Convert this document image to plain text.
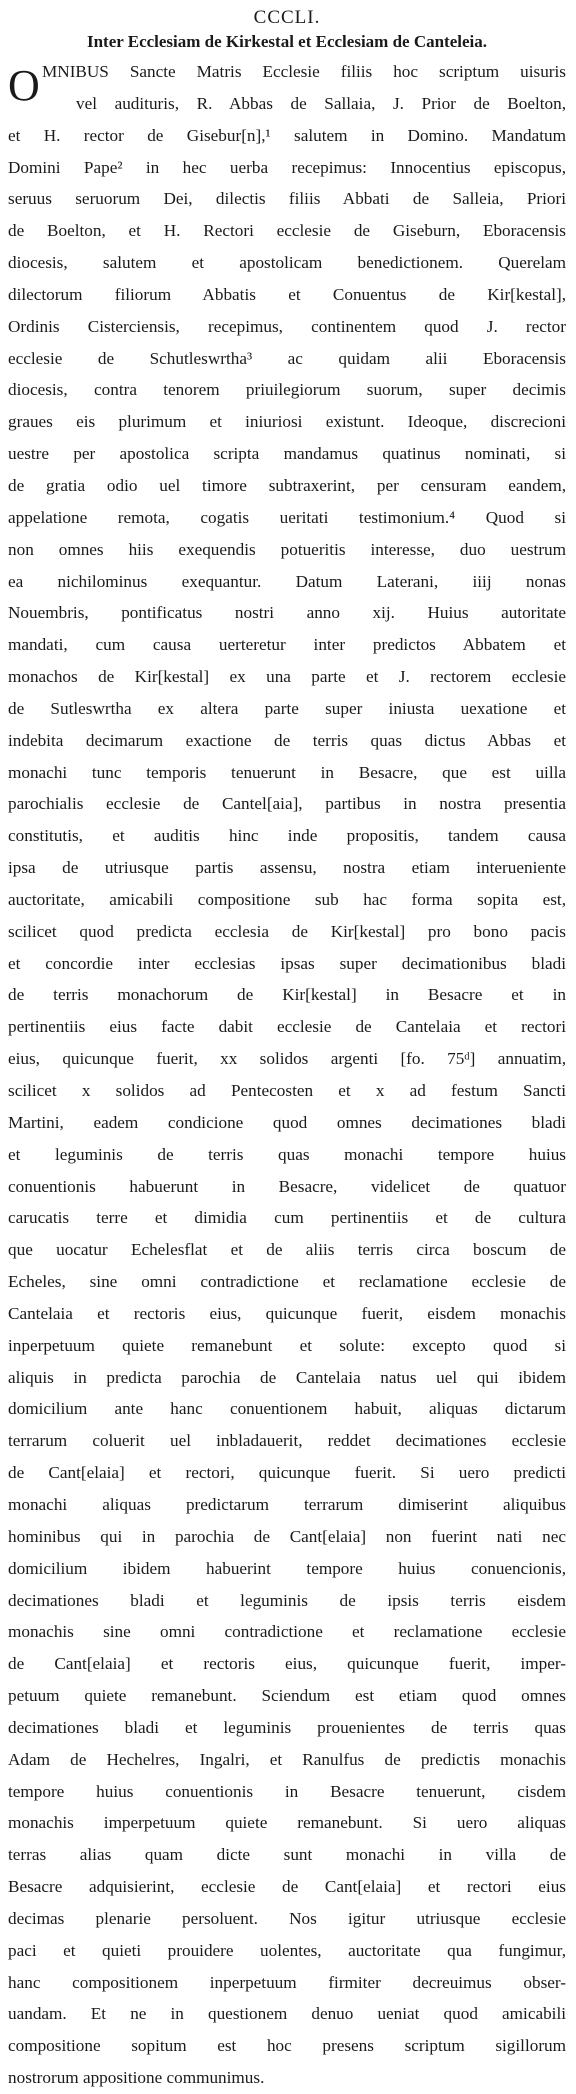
CCCLI.
Inter Ecclesiam de Kirkestal et Ecclesiam de Canteleia.
O MNIBUS Sancte Matris Ecclesie filiis hoc scriptum uisuris
vel audituris, R. Abbas de Sallaia, J. Prior de Boelton,
et H. rector de Gisebur[n],¹ salutem in Domino. Mandatum
Domini Pape² in hec uerba recepimus: Innocentius episcopus,
seruus seruorum Dei, dilectis filiis Abbati de Salleia, Priori
de Boelton, et H. Rectori ecclesie de Giseburn, Eboracensis
diocesis, salutem et apostolicam benedictionem. Querelam
dilectorum filiorum Abbatis et Conuentus de Kir[kestal],
Ordinis Cisterciensis, recepimus, continentem quod J. rector
ecclesie de Schutleswrtha³ ac quidam alii Eboracensis
diocesis, contra tenorem priuilegiorum suorum, super decimis
graues eis plurimum et iniuriosi existunt. Ideoque, discrecioni
uestre per apostolica scripta mandamus quatinus nominati, si
de gratia odio uel timore subtraxerint, per censuram eandem,
appelatione remota, cogatis ueritati testimonium.⁴ Quod si
non omnes hiis exequendis potueritis interesse, duo uestrum
ea nichilominus exequantur. Datum Laterani, iiij nonas
Nouembris, pontificatus nostri anno xij. Huius autoritate
mandati, cum causa uerteretur inter predictos Abbatem et
monachos de Kir[kestal] ex una parte et J. rectorem ecclesie
de Sutleswrtha ex altera parte super iniusta uexatione et
indebita decimarum exactione de terris quas dictus Abbas et
monachi tunc temporis tenuerunt in Besacre, que est uilla
parochialis ecclesie de Cantel[aia], partibus in nostra presentia
constitutis, et auditis hinc inde propositis, tandem causa
ipsa de utriusque partis assensu, nostra etiam interueniente
auctoritate, amicabili compositione sub hac forma sopita est,
scilicet quod predicta ecclesia de Kir[kestal] pro bono pacis
et concordie inter ecclesias ipsas super decimationibus bladi
de terris monachorum de Kir[kestal] in Besacre et in
pertinentiis eius facte dabit ecclesie de Cantelaia et rectori
eius, quicunque fuerit, xx solidos argenti [fo. 75ᵈ] annuatim,
scilicet x solidos ad Pentecosten et x ad festum Sancti
Martini, eadem condicione quod omnes decimationes bladi
et leguminis de terris quas monachi tempore huius
conuentionis habuerunt in Besacre, videlicet de quatuor
carucatis terre et dimidia cum pertinentiis et de cultura
que uocatur Echelesflat et de aliis terris circa boscum de
Echeles, sine omni contradictione et reclamatione ecclesie de
Cantelaia et rectoris eius, quicunque fuerit, eisdem monachis
inperpetuum quiete remanebunt et solute: excepto quod si
aliquis in predicta parochia de Cantelaia natus uel qui ibidem
domicilium ante hanc conuentionem habuit, aliquas dictarum
terrarum coluerit uel inbladauerit, reddet decimationes ecclesie
de Cant[elaia] et rectori, quicunque fuerit. Si uero predicti
monachi aliquas predictarum terrarum dimiserint aliquibus
hominibus qui in parochia de Cant[elaia] non fuerint nati nec
domicilium ibidem habuerint tempore huius conuencionis,
decimationes bladi et leguminis de ipsis terris eisdem
monachis sine omni contradictione et reclamatione ecclesie
de Cant[elaia] et rectoris eius, quicunque fuerit, imper-
petuum quiete remanebunt. Sciendum est etiam quod omnes
decimationes bladi et leguminis prouenientes de terris quas
Adam de Hechelres, Ingalri, et Ranulfus de predictis monachis
tempore huius conuentionis in Besacre tenuerunt, cisdem
monachis imperpetuum quiete remanebunt. Si uero aliquas
terras alias quam dicte sunt monachi in villa de
Besacre adquisierint, ecclesie de Cant[elaia] et rectori eius
decimas plenarie persoluent. Nos igitur utriusque ecclesie
paci et quieti prouidere uolentes, auctoritate qua fungimur,
hanc compositionem inperpetuum firmiter decreuimus obser-
uandam. Et ne in questionem denuo ueniat quod amicabili
compositione sopitum est hoc presens scriptum sigillorum
nostrorum appositione communimus.
